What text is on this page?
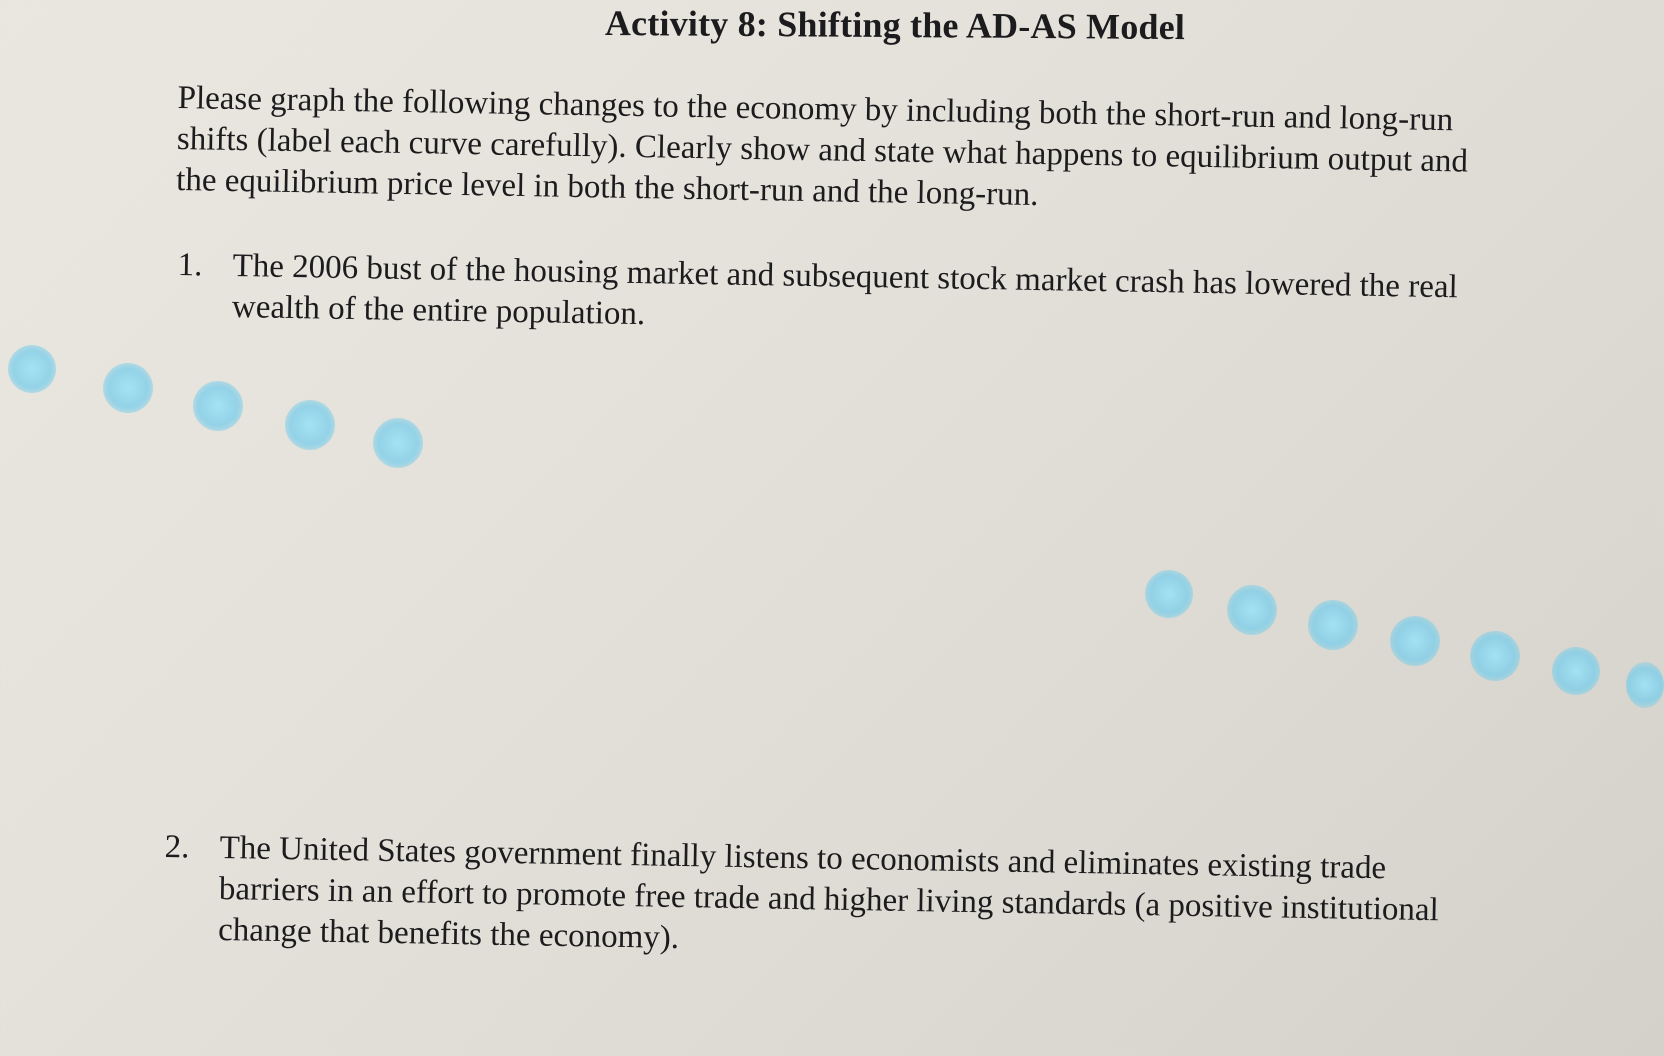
Activity 8: Shifting the AD-AS Model
Please graph the following changes to the economy by including both the short-run and long-run shifts (label each curve carefully). Clearly show and state what happens to equilibrium output and the equilibrium price level in both the short-run and the long-run.
1. The 2006 bust of the housing market and subsequent stock market crash has lowered the real wealth of the entire population.
2. The United States government finally listens to economists and eliminates existing trade barriers in an effort to promote free trade and higher living standards (a positive institutional change that benefits the economy).
